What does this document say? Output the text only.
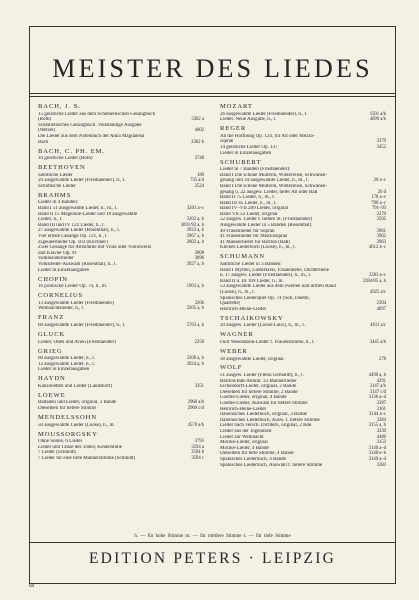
MEISTER DES LIEDES
BACH, J. S.
15 geistliche Lieder aus dem Schemellischen Gesangbuch
(Roth)	3302 a
Schemellisches Gesangbuch. Vollständige Ausgabe
(Wetzel)	4602
Die Lieder aus dem Notenbuch der Anna Magdalena
Bach	3302 b
BACH, C. PH. EM.
10 geistliche Lieder (Roth)	3748
BEETHOVEN
Sämtliche Lieder	180
20 ausgewählte Lieder (Friedlaender), h., t.	735 a/4
Schottische Lieder	2524
BRAHMS
Lieder in 4 Bänden:
Band I 51 ausgewählte Lieder, h., m., t.	3201 a–c
Band II 15 Magelone-Lieder und 18 ausgewählte
Lieder, h., t.	3202 a, b
Band III und IV 122 Lieder, h., t.	3691/92 a, b
27 ausgewählte Lieder (Rosenthal), h., t.	3923 a, b
Vier ernste Gesänge Op. 121, h., t.	3967 a, b
Zigeunerlieder Op. 103 (Kirchner)	2602 a, b
Zwei Gesänge für Altstimme mit Viola oder Violoncello
und Klavier Op. 91	3008
Volkskinderlieder	3896
Volkslieder-Auswahl (Rosenthal), h., t.	3927 a, b
Lieder in Einzelausgaben
CHOPIN
16 polnische Lieder Op. 74, h., m.	1903 a, b
CORNELIUS
13 ausgewählte Lieder (Friedlaender)	3206
Weihnachtslieder, h., t.	3205 a, b
FRANZ
60 ausgewählte Lieder (Friedlaender), h., t.	5763 a, b
GLUCK
Lieder, Oden und Arien (Friedlaender)	2250
GRIEG
60 ausgewählte Lieder, h., t.	3208 a, b
12 ausgewählte Lieder, h., t.	3924 a, b
Lieder in Einzelausgaben
HAYDN
Kanzonetten und Lieder (Landshoff)	3351
LOEWE
Balladen und Lieder, original, 2 Bände	2960 a/b
Dieselben für tiefere Stimme	2960 c/d
MENDELSSOHN
50 ausgewählte Lieder (Loose), h., m.	4570 a/b
MOUSSORGSKY
Ohne Sonne, 6 Lieder	3793
Lieder und Tänze des Todes; Kinderstube	3594 a
7 Lieder (Schmidt)	3594 b
7 Lieder für eine tiefe Männerstimme (Schmidt)	3594 c
MOZART
26 ausgewählte Lieder (Friedlaender), h., t.	1501 a/b
Lieder. Neue Ausgabe, h., t.	4699 a/b
REGER
An die Hoffnung Op. 124, für Alt oder Mezzo-
sopran	3379
14 geistliche Lieder Op. 137	3452
Lieder in Einzelausgaben
SCHUBERT
Lieder in 7 Bänden (Friedlaender):
Band I Die schöne Müllerin, Winterreise, Schwanen-
gesang und 34 ausgewählte Lieder, h., m., t.	20 a–c
Band I Die schöne Müllerin, Winterreise, Schwanen-
gesang u. 22 ausgew. Lieder, tiefer Alt oder Baß	20 d
Band II 75 Lieder, h., m., t.	178 a–c
Band III 45 Lieder, h., m., t.	790 a–c
Band IV–VII 289 Lieder, original	791–93
Band VII 52 Lieder, original	2270
52 ausgew. Lieder f. tiefere St. (Friedlaender)	3505
Ausgewählte Lieder in 5 Bänden (Rosenthal):
40 Frauenlieder für Sopran	3961
41 Frauenlieder für Mezzosopran	3962
41 Männerlieder für Bariton (Baß)	3963
Kleines Liederbuch (Loose), h., m., t.	4612 a–c
SCHUMANN
Sämtliche Lieder in 3 Bänden:
Band I Myrten, Liederkreis, Frauenliebe, Dichterliebe
u. 17 ausgew. Lieder (Friedlaender), h., m., t.	2383 a–c
Band II u. III 169 Lieder, h., m.	2384/85 a, b
53 ausgewählte Lieder aus dem zweiten und dritten Band
(Loose), h., m., t.	4925 a/c
Spanisches Liederspiel Op. 74 (Soli, Duette,
Quartette)	2394
Heinrich-Heine-Lieder	4897
TSCHAIKOWSKY
20 ausgew. Lieder (Loose-Laux), h., m., t.	4611 a/c
WAGNER
Fünf Wesendonk-Lieder f. Frauenstimme, h., t.	3445 a/b
WEBER
38 ausgewählte Lieder, original	278
WOLF
51 ausgew. Lieder (Fleiss Gerhardt), h., t.	4490 a, b
Bariton/Baß-Album: 33 Männerlieder	4291
Eichendorff-Lieder, original, 2 Bände	3147 a/b
Dieselben für tiefere Stimme, 2 Bände	3147 c/d
Goethe-Lieder, original, 4 Bände	3136 a–d
Goethe-Lieder, Auswahl für tiefere Stimme	3387
Heinrich-Heine-Lieder	3161
Italienisches Liederbuch, original, 3 Bände	3144 a–c
Italienisches Liederbuch, Ausw. f. tiefere Stimme	3384
Lieder nach versch. Dichtern, original, 2 Bde.	3155 a, b
Lieder aus der Jugendzeit	3339
Lieder zur Weihnacht	4486
Mörike-Lieder, original	3153
Mörike-Lieder, 4 Bände	3140 a–d
Dieselben für tiefe Stimme, 4 Bände	3140 e–h
Spanisches Liederbuch, 4 Bände	3149 a–d
Spanisches Liederbuch, Auswahl f. tiefere Stimme	3383
h. — für hohe Stimme m. — für mittlere Stimme t. — für tiefe Stimme
EDITION PETERS · LEIPZIG
68
